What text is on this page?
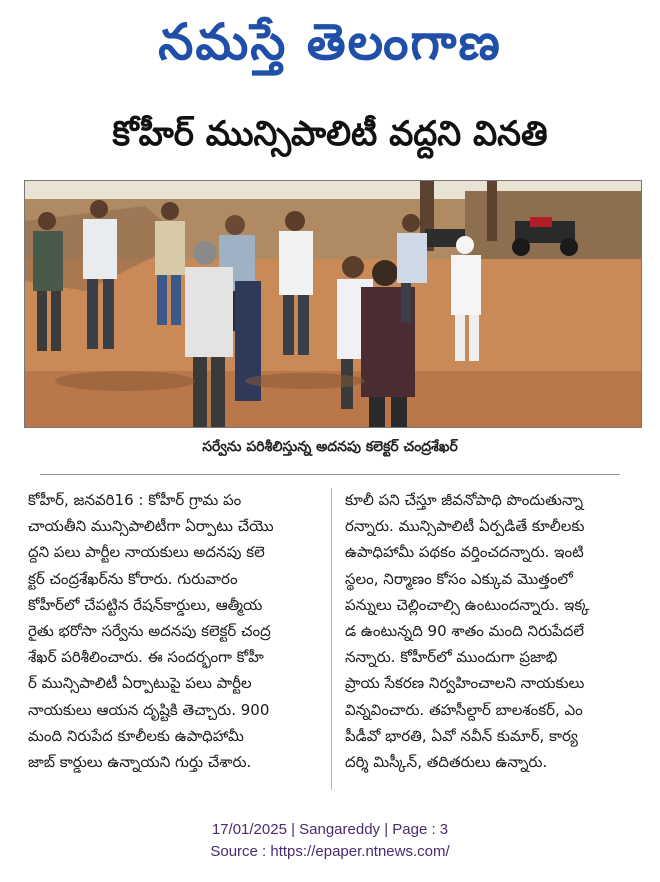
నమస్తే తెలంగాణ
కోహీర్ మున్సిపాలిటీ వద్దని వినతి
సర్వేను పరిశీలిస్తున్న అదనపు కలెక్టర్ చంద్రశేఖర్
కోహీర్, జనవరి16 : కోహీర్ గ్రామ పం
చాయతీని మున్సిపాలిటీగా ఏర్పాటు చేయొ
ద్దని పలు పార్టీల నాయకులు అదనపు కలె
క్టర్ చంద్రశేఖర్‌ను కోరారు. గురువారం
కోహీర్‌లో చేపట్టిన రేషన్‌కార్డులు, ఆత్మీయ
రైతు భరోసా సర్వేను అదనపు కలెక్టర్ చంద్ర
శేఖర్ పరిశీలించారు. ఈ సందర్భంగా కోహీ
ర్ మున్సిపాలిటీ ఏర్పాటుపై పలు పార్టీల
నాయకులు ఆయన దృష్టికి తెచ్చారు. 900
మంది నిరుపేద కూలీలకు ఉపాధిహామీ
జాబ్ కార్డులు ఉన్నాయని గుర్తు చేశారు.
కూలీ పని చేస్తూ జీవనోపాధి పొందుతున్నా
రన్నారు. మున్సిపాలిటీ ఏర్పడితే కూలీలకు
ఉపాధిహామీ పథకం వర్తించదన్నారు. ఇంటి
స్థలం, నిర్మాణం కోసం ఎక్కువ మొత్తంలో
పన్నులు చెల్లించాల్సి ఉంటుందన్నారు. ఇక్క
డ ఉంటున్నది 90 శాతం మంది నిరుపేదలే
నన్నారు. కోహీర్‌లో ముందుగా ప్రజాభి
ప్రాయ సేకరణ నిర్వహించాలని నాయకులు
విన్నవించారు. తహసీల్దార్ బాలశంకర్, ఎం
పీడీవో భారతి, ఏవో నవీన్ కుమార్, కార్య
దర్శి మిస్కీన్, తదితరులు ఉన్నారు.
17/01/2025 | Sangareddy | Page : 3
Source : https://epaper.ntnews.com/
